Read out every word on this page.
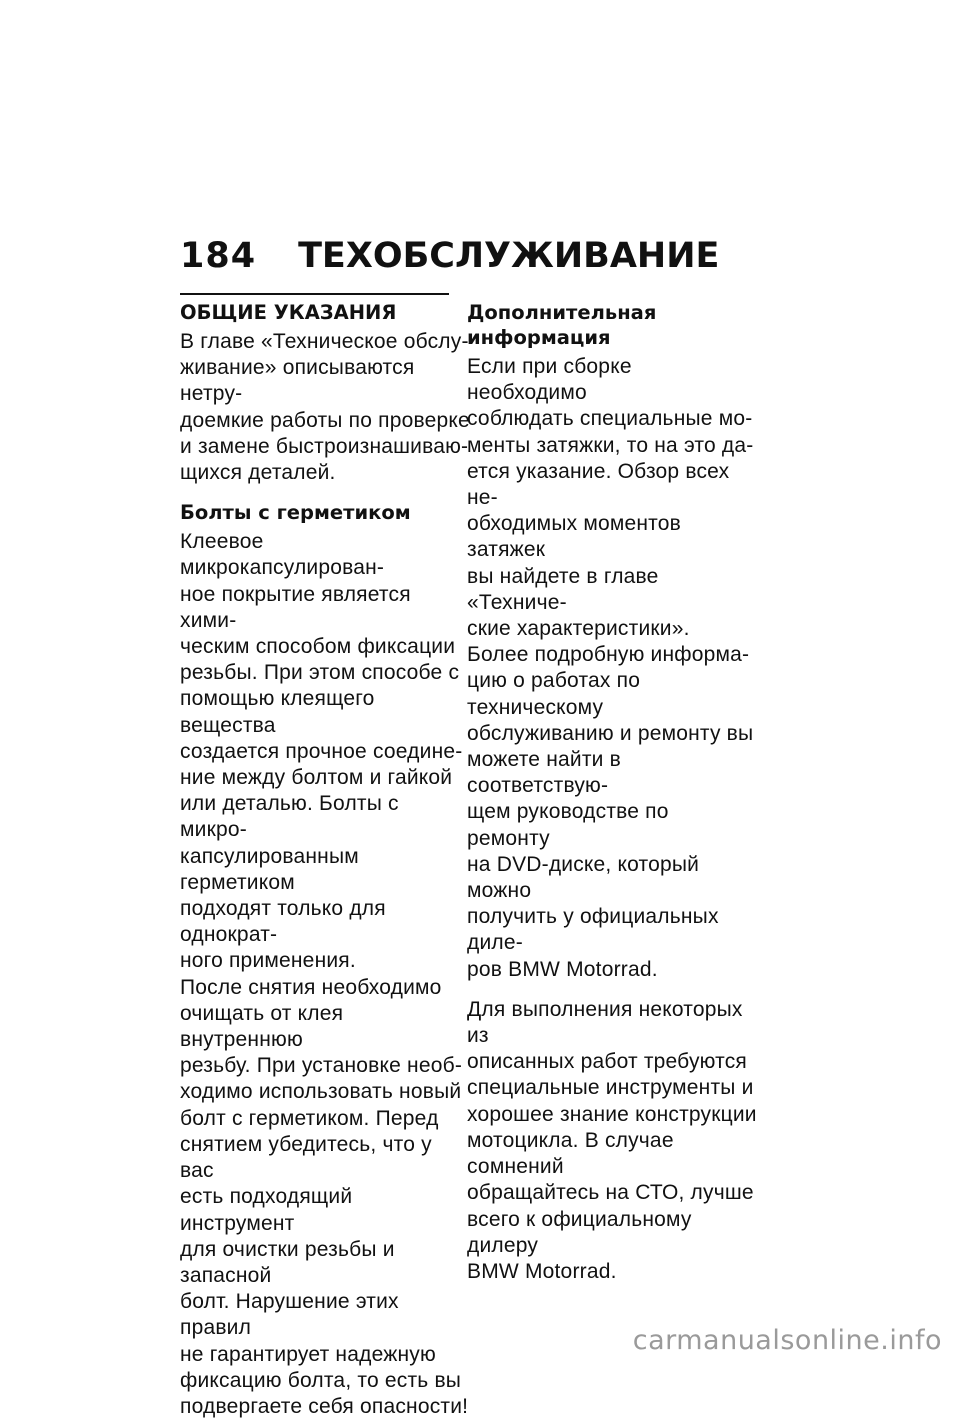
184 ТЕХОБСЛУЖИВАНИЕ
ОБЩИЕ УКАЗАНИЯ

В главе «Техническое обслу-
живание» описываются нетру-
доемкие работы по проверке
и замене быстроизнашиваю-
щихся деталей.

Болты с герметиком

Клеевое микрокапсулирован-
ное покрытие является хими-
ческим способом фиксации
резьбы. При этом способе с
помощью клеящего вещества
создается прочное соедине-
ние между болтом и гайкой
или деталью. Болты с микро-
капсулированным герметиком
подходят только для однократ-
ного применения.

После снятия необходимо
очищать от клея внутреннюю
резьбу. При установке необ-
ходимо использовать новый
болт с герметиком. Перед
снятием убедитесь, что у вас
есть подходящий инструмент
для очистки резьбы и запасной
болт. Нарушение этих правил
не гарантирует надежную
фиксацию болта, то есть вы
подвергаете себя опасности!

Дополнительная
информация

Если при сборке необходимо
соблюдать специальные мо-
менты затяжки, то на это да-
ется указание. Обзор всех не-
обходимых моментов затяжек
вы найдете в главе «Техниче-
ские характеристики».

Более подробную информа-
цию о работах по техническому
обслуживанию и ремонту вы
можете найти в соответствую-
щем руководстве по ремонту
на DVD-диске, который можно
получить у официальных диле-
ров BMW Motorrad.

Для выполнения некоторых из
описанных работ требуются
специальные инструменты и
хорошее знание конструкции
мотоцикла. В случае сомнений
обращайтесь на СТО, лучше
всего к официальному дилеру
BMW Motorrad.

carmanualsonline.info
